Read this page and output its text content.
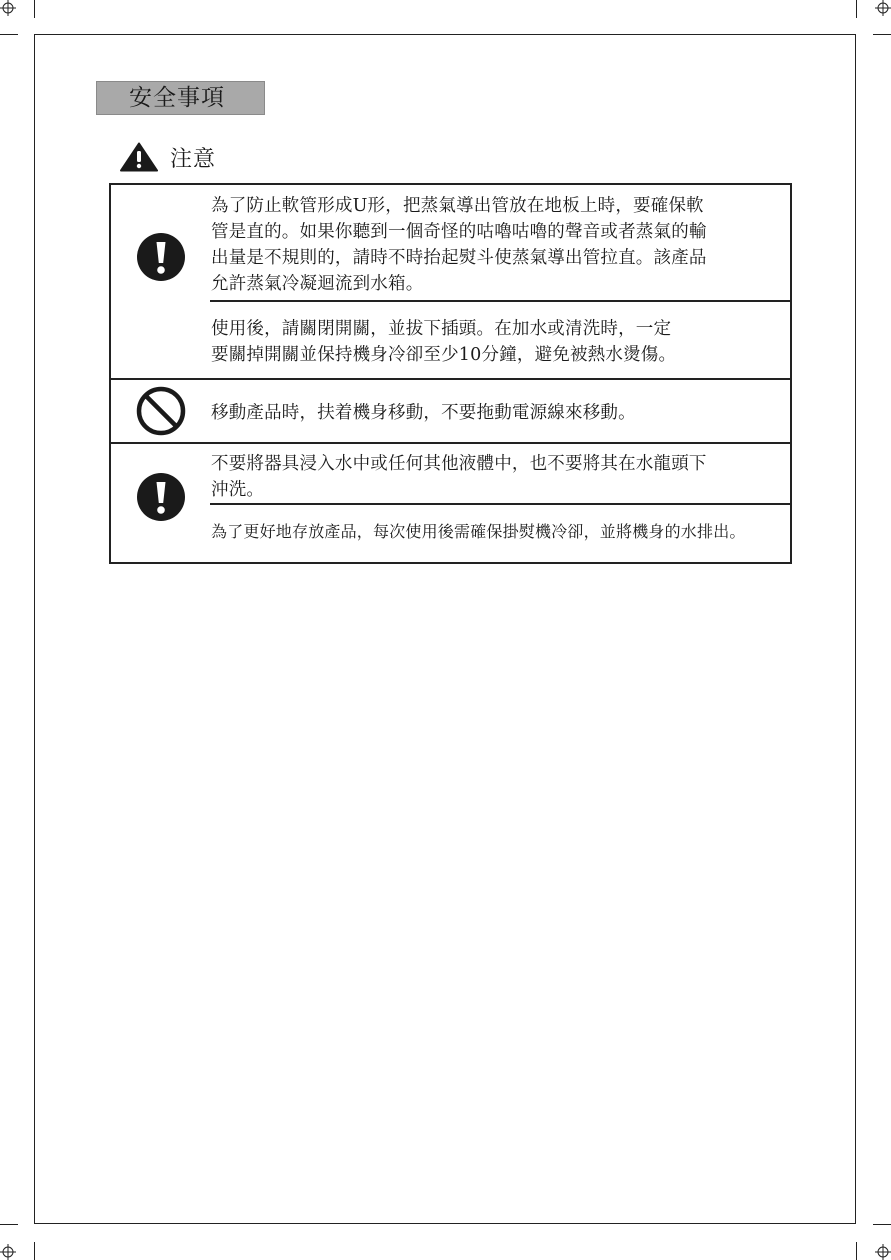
安全事項
注意
為了防止軟管形成U形，把蒸氣導出管放在地板上時，要確保軟
管是直的。如果你聽到一個奇怪的咕嚕咕嚕的聲音或者蒸氣的輸
出量是不規則的，請時不時抬起熨斗使蒸氣導出管拉直。該產品
允許蒸氣冷凝迴流到水箱。
使用後，請關閉開關，並拔下插頭。在加水或清洗時，一定
要關掉開關並保持機身冷卻至少10分鐘，避免被熱水燙傷。
移動產品時，扶着機身移動，不要拖動電源線來移動。
不要將器具浸入水中或任何其他液體中，也不要將其在水龍頭下
沖洗。
為了更好地存放產品，每次使用後需確保掛熨機冷卻，並將機身的水排出。
